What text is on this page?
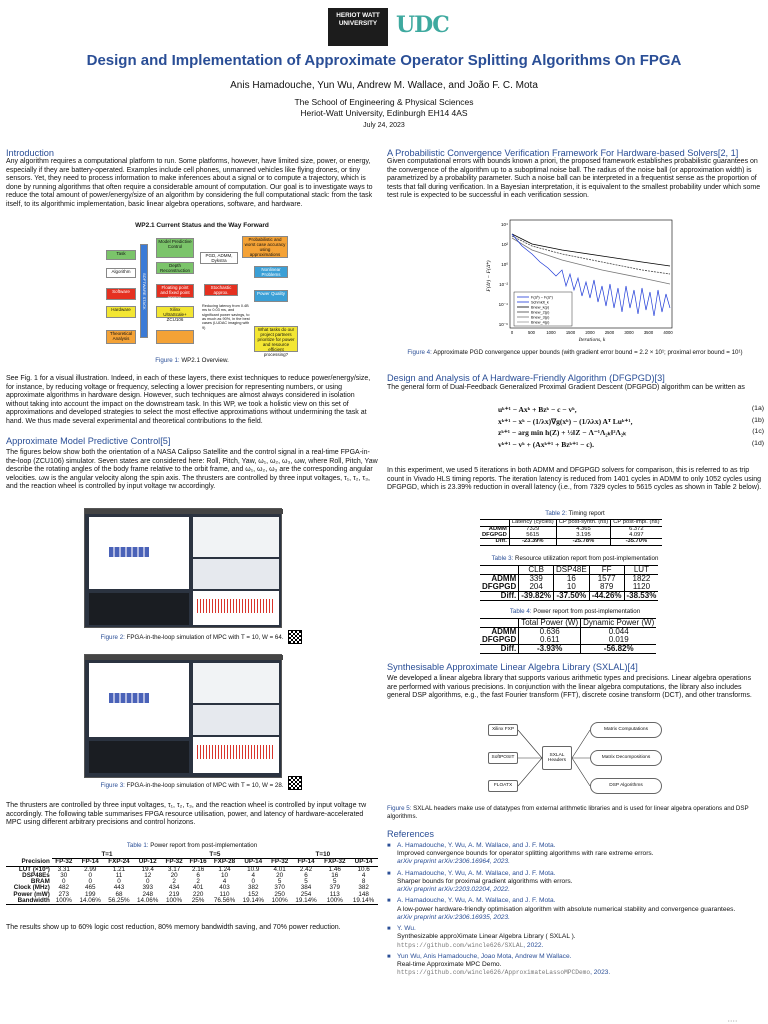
HERIOT WATT UNIVERSITY UDC
Design and Implementation of Approximate Operator Splitting Algorithms On FPGA
Anis Hamadouche, Yun Wu, Andrew M. Wallace, and João F. C. Mota
The School of Engineering & Physical Sciences
Heriot-Watt University, Edinburgh EH14 4AS
July 24, 2023
Introduction
Any algorithm requires a computational platform to run. Some platforms, however, have limited size, power, or energy, especially if they are battery-operated. Examples include cell phones, unmanned vehicles like flying drones, or tiny sensors. Yet, they need to process information to make inferences about a signal or to compute a trajectory, which is done by running algorithms that often require a considerable amount of computation. Our goal is to investigate ways to reduce the total amount of power/energy/size of an algorithm by considering the full computational stack: from the task itself, to its algorithmic implementation, basic linear algebra operations, software, and hardware.
WP2.1 Current Status and the Way Forward
Task
Algorithm
Software
Hardware
Theoretical Analysis
SOFTWARE STACK
Model Predictive Control
Depth Reconstruction
PGD, ADMM, Dykstra
Floating point and fixed point approx.
Stochastic approx.
Xilinx UltraScale+ ZCU106
Probabilistic and worst case accuracy using approximations
Nonlinear Problems
Power Quality
Reducing latency from 0.4B ms to 0.03 ms, and significant power savings, to as much as 90%, in the best cases (LUDAC imaging with 9)	What tasks do our project partners prioritize for power and resource efficient processing?
Figure 1: WP2.1 Overview.
See Fig. 1 for a visual illustration. Indeed, in each of these layers, there exist techniques to reduce power/energy/size, for instance, by reducing voltage or frequency, selecting a lower precision for representing numbers, or using approximate algorithms in hardware design. However, such techniques are almost always considered in isolation without taking into account the impact on the downstream task. In this WP, we took a holistic view on this set of approximations and developed strategies to select the most effective approximations without undermining the task at hand. We thus made several experimental and theoretical contributions to the field.
Approximate Model Predictive Control[5]
The figures below show both the orientation of a NASA Calipso Satellite and the control signal in a real-time FPGA-in-the-loop (ZCU106) simulator. Seven states are considered here: Roll, Pitch, Yaw, ω₁, ω₂, ω₃, ωw, where Roll, Pitch, Yaw describe the rotating angles of the body frame relative to the orbit frame, and ω₁, ω₂, ω₃ are the corresponding angular velocities. ωw is the angular velocity along the spin axis. The thrusters are controlled by three input voltages, τ₁, τ₂, τ₃, and the reaction wheel is controlled by input voltage τw accordingly.
Figure 2: FPGA-in-the-loop simulation of MPC with T = 10, W = 64.
Figure 3: FPGA-in-the-loop simulation of MPC with T = 10, W = 28.
The thrusters are controlled by three input voltages, τ₁, τ₂, τ₃, and the reaction wheel is controlled by input voltage τw accordingly. The following table summarises FPGA resource utilisation, power, and latency of hardware-accelerated MPC using different arbitrary precisions and control horizons.
Table 1: Power report from post-implementation
	T=1				T=5				T=10			
Precision	FP-32	FP-14	FXP-24	UP-12	FP-32	FP-16	FXP-28	UP-14	FP-32	FP-14	FXP-32	UP-14
LUT (×10³)	3.31	2.99	1.21	19.4	3.17	2.16	1.24	10.9	4.01	2.42	1.46	10.6
DSP48Es	30	0	11	12	20	6	10	4	20	6	16	4
BRAM	0	0	0	0	2	2	4	0	5	5	5	8
Clock (MHz)	482	465	443	393	434	401	403	382	370	384	379	382
Power (mW)	273	199	68	248	219	220	110	152	250	254	113	148
Bandwidth	100%	14.06%	56.25%	14.06%	100%	25%	76.56%	19.14%	100%	19.14%	100%	19.14%
The results show up to 60% logic cost reduction, 80% memory bandwidth saving, and 70% power reduction.
A Probabilistic Convergence Verification Framework For Hardware-based Solvers[2, 1]
Given computational errors with bounds known a priori, the proposed framework establishes probabilistic guarantees on the convergence of the algorithm up to a suboptimal noise ball. The radius of the noise ball (or approximation width) is parametrized by a probability parameter. Such a noise ball can be interpreted in a frequentist sense as the proportion of tests that fall during verification. In a Bayesian interpretation, it is equivalent to the smallest probability under which some test rule is expected to be successful in each verification session.
10⁴
10²
10⁰
10⁻²
10⁻⁴
10⁻⁶
0	500	1000 1500 2000 2500 3000 3500 4000
F(Δᵏ) − F(Δ*)
Schmidt_k
Bnew_k(p)
Bnew_2(p)
Bnew_3(p)
Bnew_4(p)
Iterations, k
F(Δᵏ) − F(Δ*)
Figure 4: Approximate PGD convergence upper bounds (with gradient error bound = 2.2 × 10¹; proximal error bound = 10¹)
Design and Analysis of A Hardware-Friendly Algorithm (DFGPGD)[3]
The general form of Dual-Feedback Generalized Proximal Gradient Descent (DFGPGD) algorithm can be written as
uᵏ⁺¹ − Axᵏ + Bzᵏ − c − vᵏ,	(1a)
xᵏ⁺¹ − xᵏ − (1/λx)∇g(xᵏ) − (1/λλx) Aᵀ Luᵏ⁺¹,	(1b)
zᵏ⁺¹ − arg min h(Z) + ½‖Z − Λ⁻¹Λ₂ₖ‖²Λ₂ₖ	(1c)
vᵏ⁺¹ − vᵏ + (Axᵏ⁺¹ + Bzᵏ⁺¹ − c).	(1d)
In this experiment, we used 5 iterations in both ADMM and DFGPGD solvers for comparison, this is referred to as trip count in Vivado HLS timing reports. The iteration latency is reduced from 1401 cycles in ADMM to only 1052 cycles using DFGPGD, which is 23.39% reduction in overall latency (i.e., from 7329 cycles to 5615 cycles as shown in Table 2 below).
Table 2: Timing report
	Latency (cycles)	CP post-synth. (ns)	CP post-impl. (ns)
ADMM	7329	4.365	6.372
DFGPGD	5615	3.195	4.097
Diff.	-23.39%	-25.78%	-35.70%
Table 3: Resource utilization report from post-implementation
	CLB	DSP48E	FF	LUT
ADMM	339	16	1577	1822
DFGPGD	204	10	879	1120
Diff.	-39.82%	-37.50%	-44.26%	-38.53%
Table 4: Power report from post-implementation
	Total Power (W)	Dynamic Power (W)
ADMM	0.636	0.044
DFGPGD	0.611	0.019
Diff.	-3.93%	-56.82%
Synthesisable Approximate Linear Algebra Library (SXLAL)[4]
We developed a linear algebra library that supports various arithmetic types and precisions. Linear algebra operations are performed with various precisions. In conjunction with the linear algebra computations, the library also includes general DSP algorithms, e.g., the fast Fourier transform (FFT), discrete cosine transform (DCT), and other transforms.
Xilinx FXP
SoftPOSIT
FLOATX
SXLAL Headers
Matrix Computations
Matrix Decompositions
DSP Algorithms
Figure 5: SXLAL headers make use of datatypes from external arithmetic libraries and is used for linear algebra operations and DSP algorithms.
References
■ A. Hamadouche, Y. Wu, A. M. Wallace, and J. F. Mota.
Improved convergence bounds for operator splitting algorithms with rare extreme errors.
arXiv preprint arXiv:2306.16964, 2023.
■ A. Hamadouche, Y. Wu, A. M. Wallace, and J. F. Mota.
Sharper bounds for proximal gradient algorithms with errors.
arXiv preprint arXiv:2203.02204, 2022.
■ A. Hamadouche, Y. Wu, A. M. Wallace, and J. F. Mota.
A low-power hardware-friendly optimisation algorithm with absolute numerical stability and convergence guarantees.
arXiv preprint arXiv:2306.16935, 2023.
■ Y. Wu.
Synthesizable approXimate Linear Algebra Library ( SXLAL ).
https://github.com/wincle626/SXLAL, 2022.
■ Yun Wu, Anis Hamadouche, Joao Mota, Andrew M Wallace.
Real-time Approximate MPC Demo.
https://github.com/wincle626/ApproximateLassoMPCDemo, 2023.
• • • •
